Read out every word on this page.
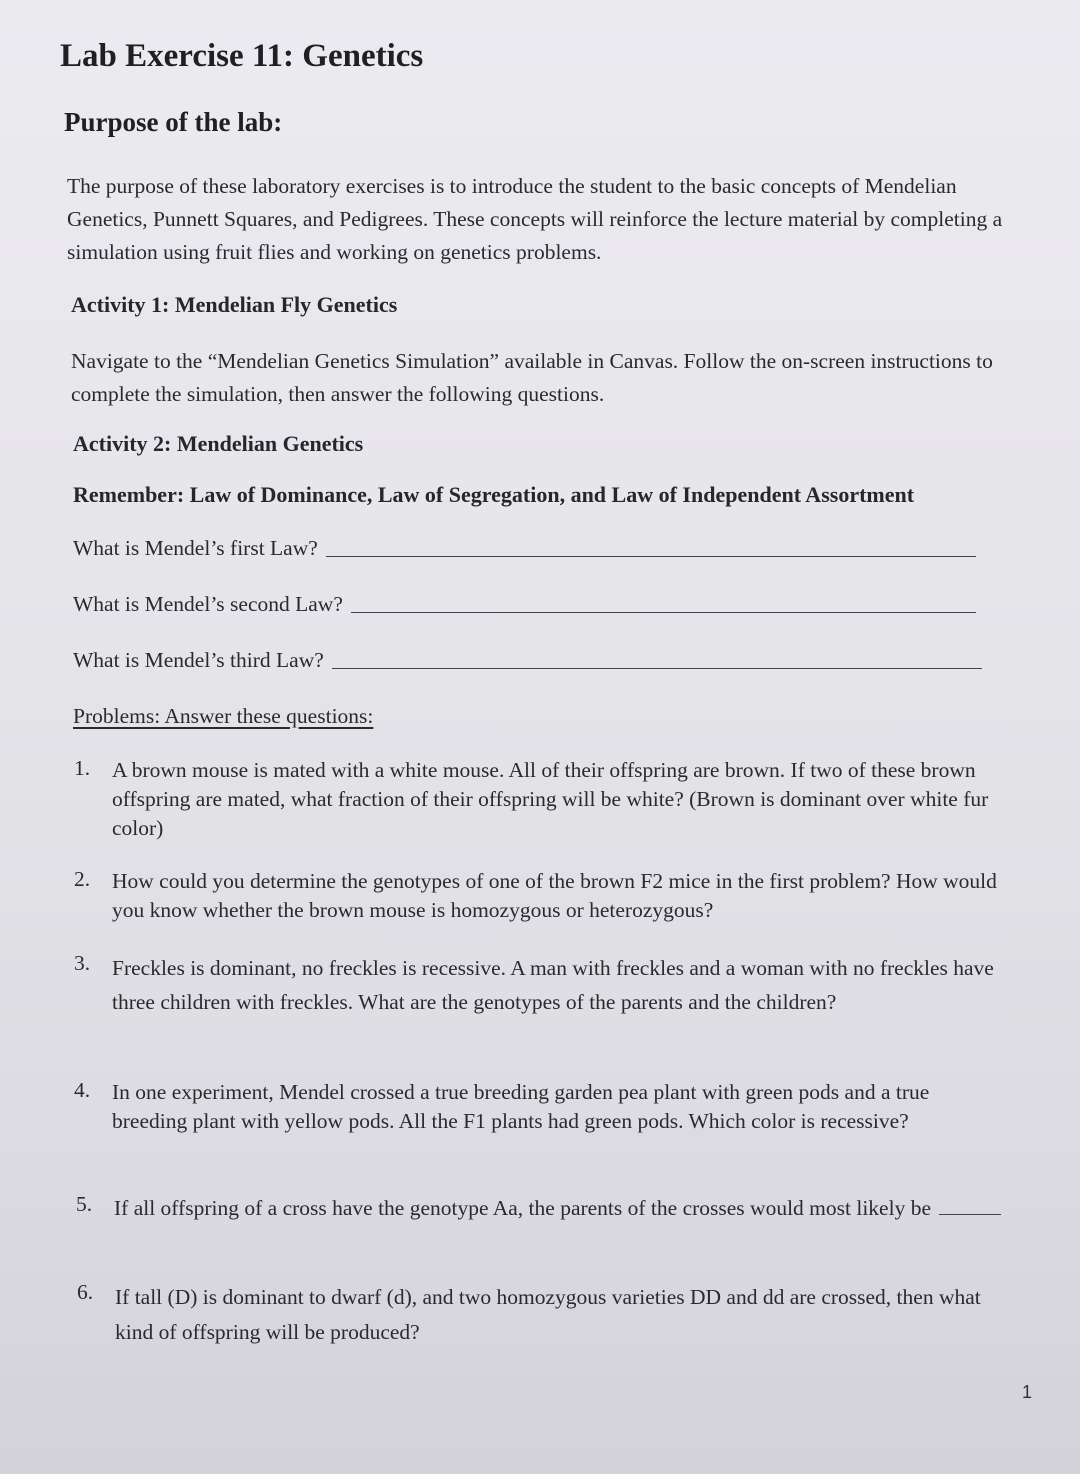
Lab Exercise 11: Genetics
Purpose of the lab:
The purpose of these laboratory exercises is to introduce the student to the basic concepts of Mendelian Genetics, Punnett Squares, and Pedigrees. These concepts will reinforce the lecture material by completing a simulation using fruit flies and working on genetics problems.
Activity 1: Mendelian Fly Genetics
Navigate to the “Mendelian Genetics Simulation” available in Canvas. Follow the on-screen instructions to complete the simulation, then answer the following questions.
Activity 2: Mendelian Genetics
Remember: Law of Dominance, Law of Segregation, and Law of Independent Assortment
What is Mendel’s first Law?
What is Mendel’s second Law?
What is Mendel’s third Law?
Problems: Answer these questions:
1.	A brown mouse is mated with a white mouse. All of their offspring are brown. If two of these brown offspring are mated, what fraction of their offspring will be white? (Brown is dominant over white fur color)
2.	How could you determine the genotypes of one of the brown F2 mice in the first problem? How would you know whether the brown mouse is homozygous or heterozygous?
3.	Freckles is dominant, no freckles is recessive. A man with freckles and a woman with no freckles have three children with freckles. What are the genotypes of the parents and the children?
4.	In one experiment, Mendel crossed a true breeding garden pea plant with green pods and a true breeding plant with yellow pods. All the F1 plants had green pods. Which color is recessive?
5.	If all offspring of a cross have the genotype Aa, the parents of the crosses would most likely be
6.	If tall (D) is dominant to dwarf (d), and two homozygous varieties DD and dd are crossed, then what kind of offspring will be produced?
1
